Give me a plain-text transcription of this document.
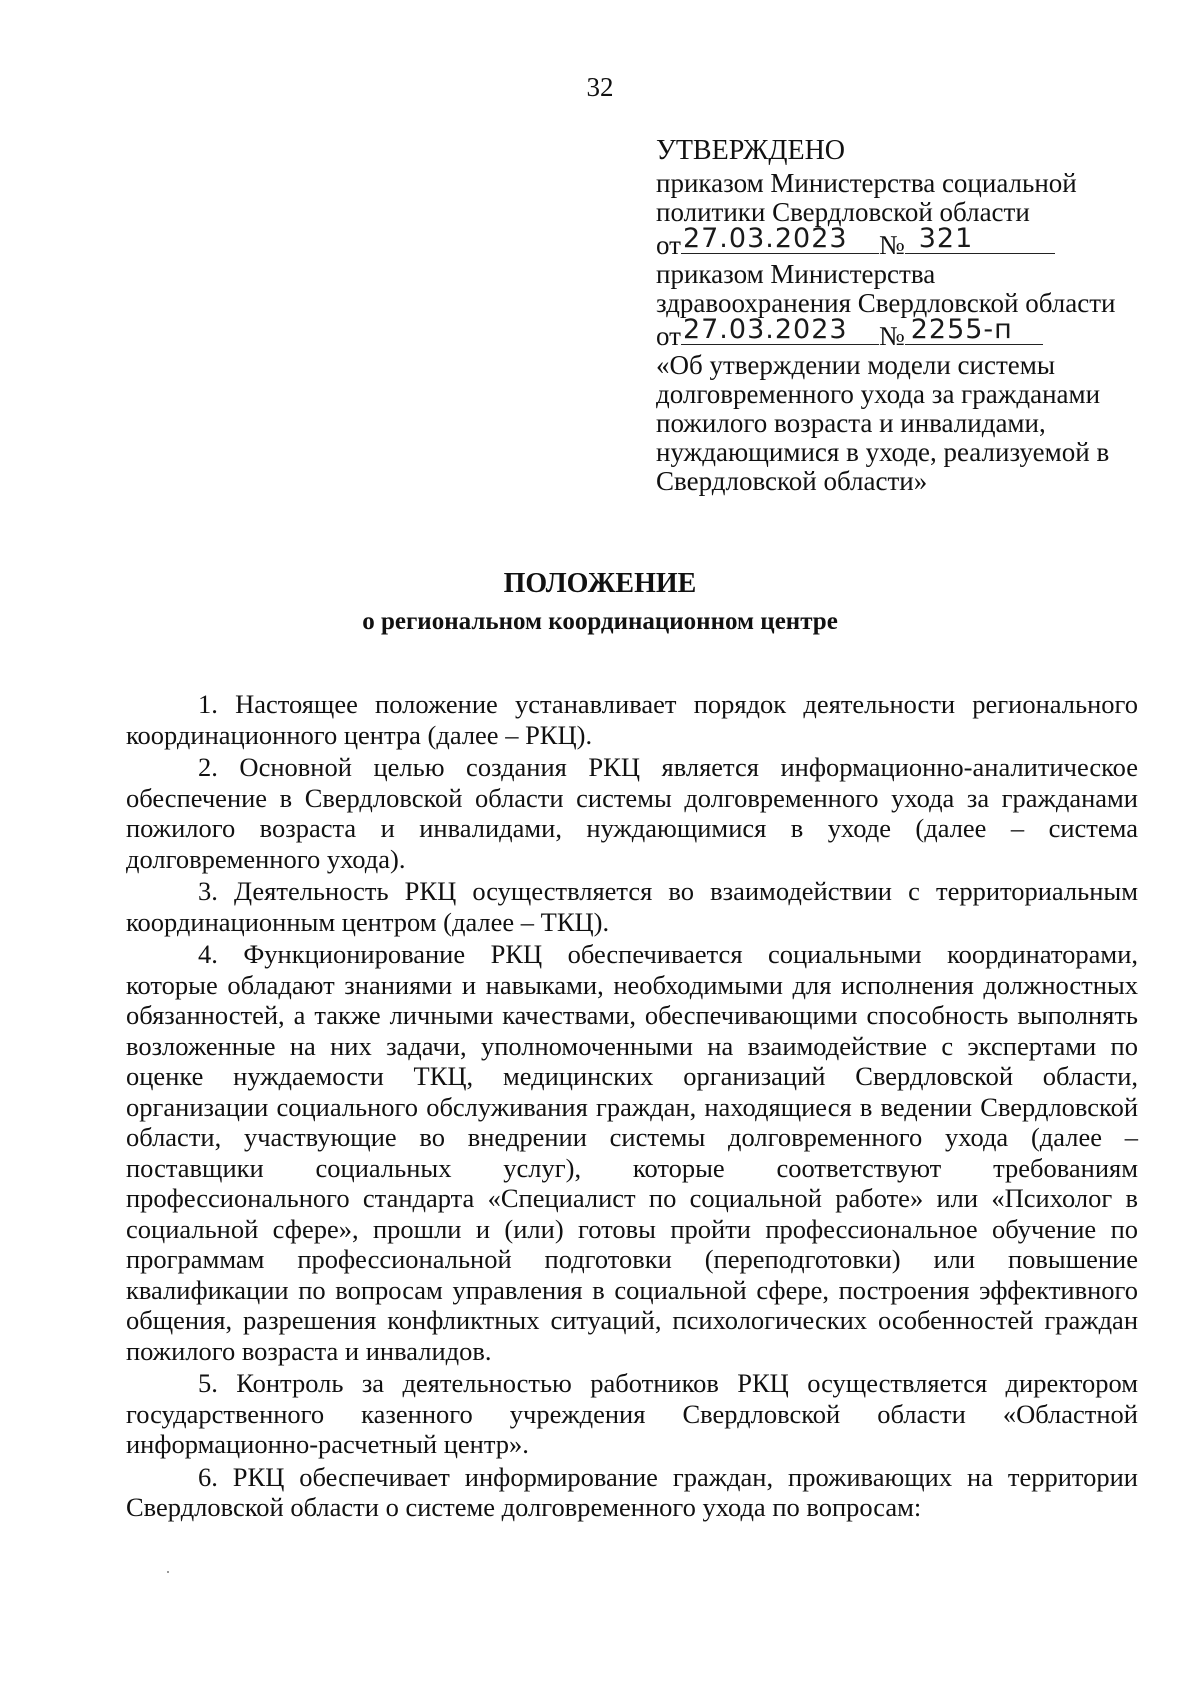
32
УТВЕРЖДЕНО
приказом Министерства социальной
политики Свердловской области
от 27.03.2023 № 321
приказом Министерства
здравоохранения Свердловской области
от 27.03.2023 № 2255-п
«Об утверждении модели системы
долговременного ухода за гражданами
пожилого возраста и инвалидами,
нуждающимися в уходе, реализуемой в
Свердловской области»
ПОЛОЖЕНИЕ
о региональном координационном центре

1. Настоящее положение устанавливает порядок деятельности регионального координационного центра (далее – РКЦ).

2. Основной целью создания РКЦ является информационно-аналитическое обеспечение в Свердловской области системы долговременного ухода за гражданами пожилого возраста и инвалидами, нуждающимися в уходе (далее – система долговременного ухода).

3. Деятельность РКЦ осуществляется во взаимодействии с территориальным координационным центром (далее – ТКЦ).

4. Функционирование РКЦ обеспечивается социальными координаторами, которые обладают знаниями и навыками, необходимыми для исполнения должностных обязанностей, а также личными качествами, обеспечивающими способность выполнять возложенные на них задачи, уполномоченными на взаимодействие с экспертами по оценке нуждаемости ТКЦ, медицинских организаций Свердловской области, организации социального обслуживания граждан, находящиеся в ведении Свердловской области, участвующие во внедрении системы долговременного ухода (далее – поставщики социальных услуг), которые соответствуют требованиям профессионального стандарта «Специалист по социальной работе» или «Психолог в социальной сфере», прошли и (или) готовы пройти профессиональное обучение по программам профессиональной подготовки (переподготовки) или повышение квалификации по вопросам управления в социальной сфере, построения эффективного общения, разрешения конфликтных ситуаций, психологических особенностей граждан пожилого возраста и инвалидов.

5. Контроль за деятельностью работников РКЦ осуществляется директором государственного казенного учреждения Свердловской области «Областной информационно-расчетный центр».

6. РКЦ обеспечивает информирование граждан, проживающих на территории Свердловской области о системе долговременного ухода по вопросам:
